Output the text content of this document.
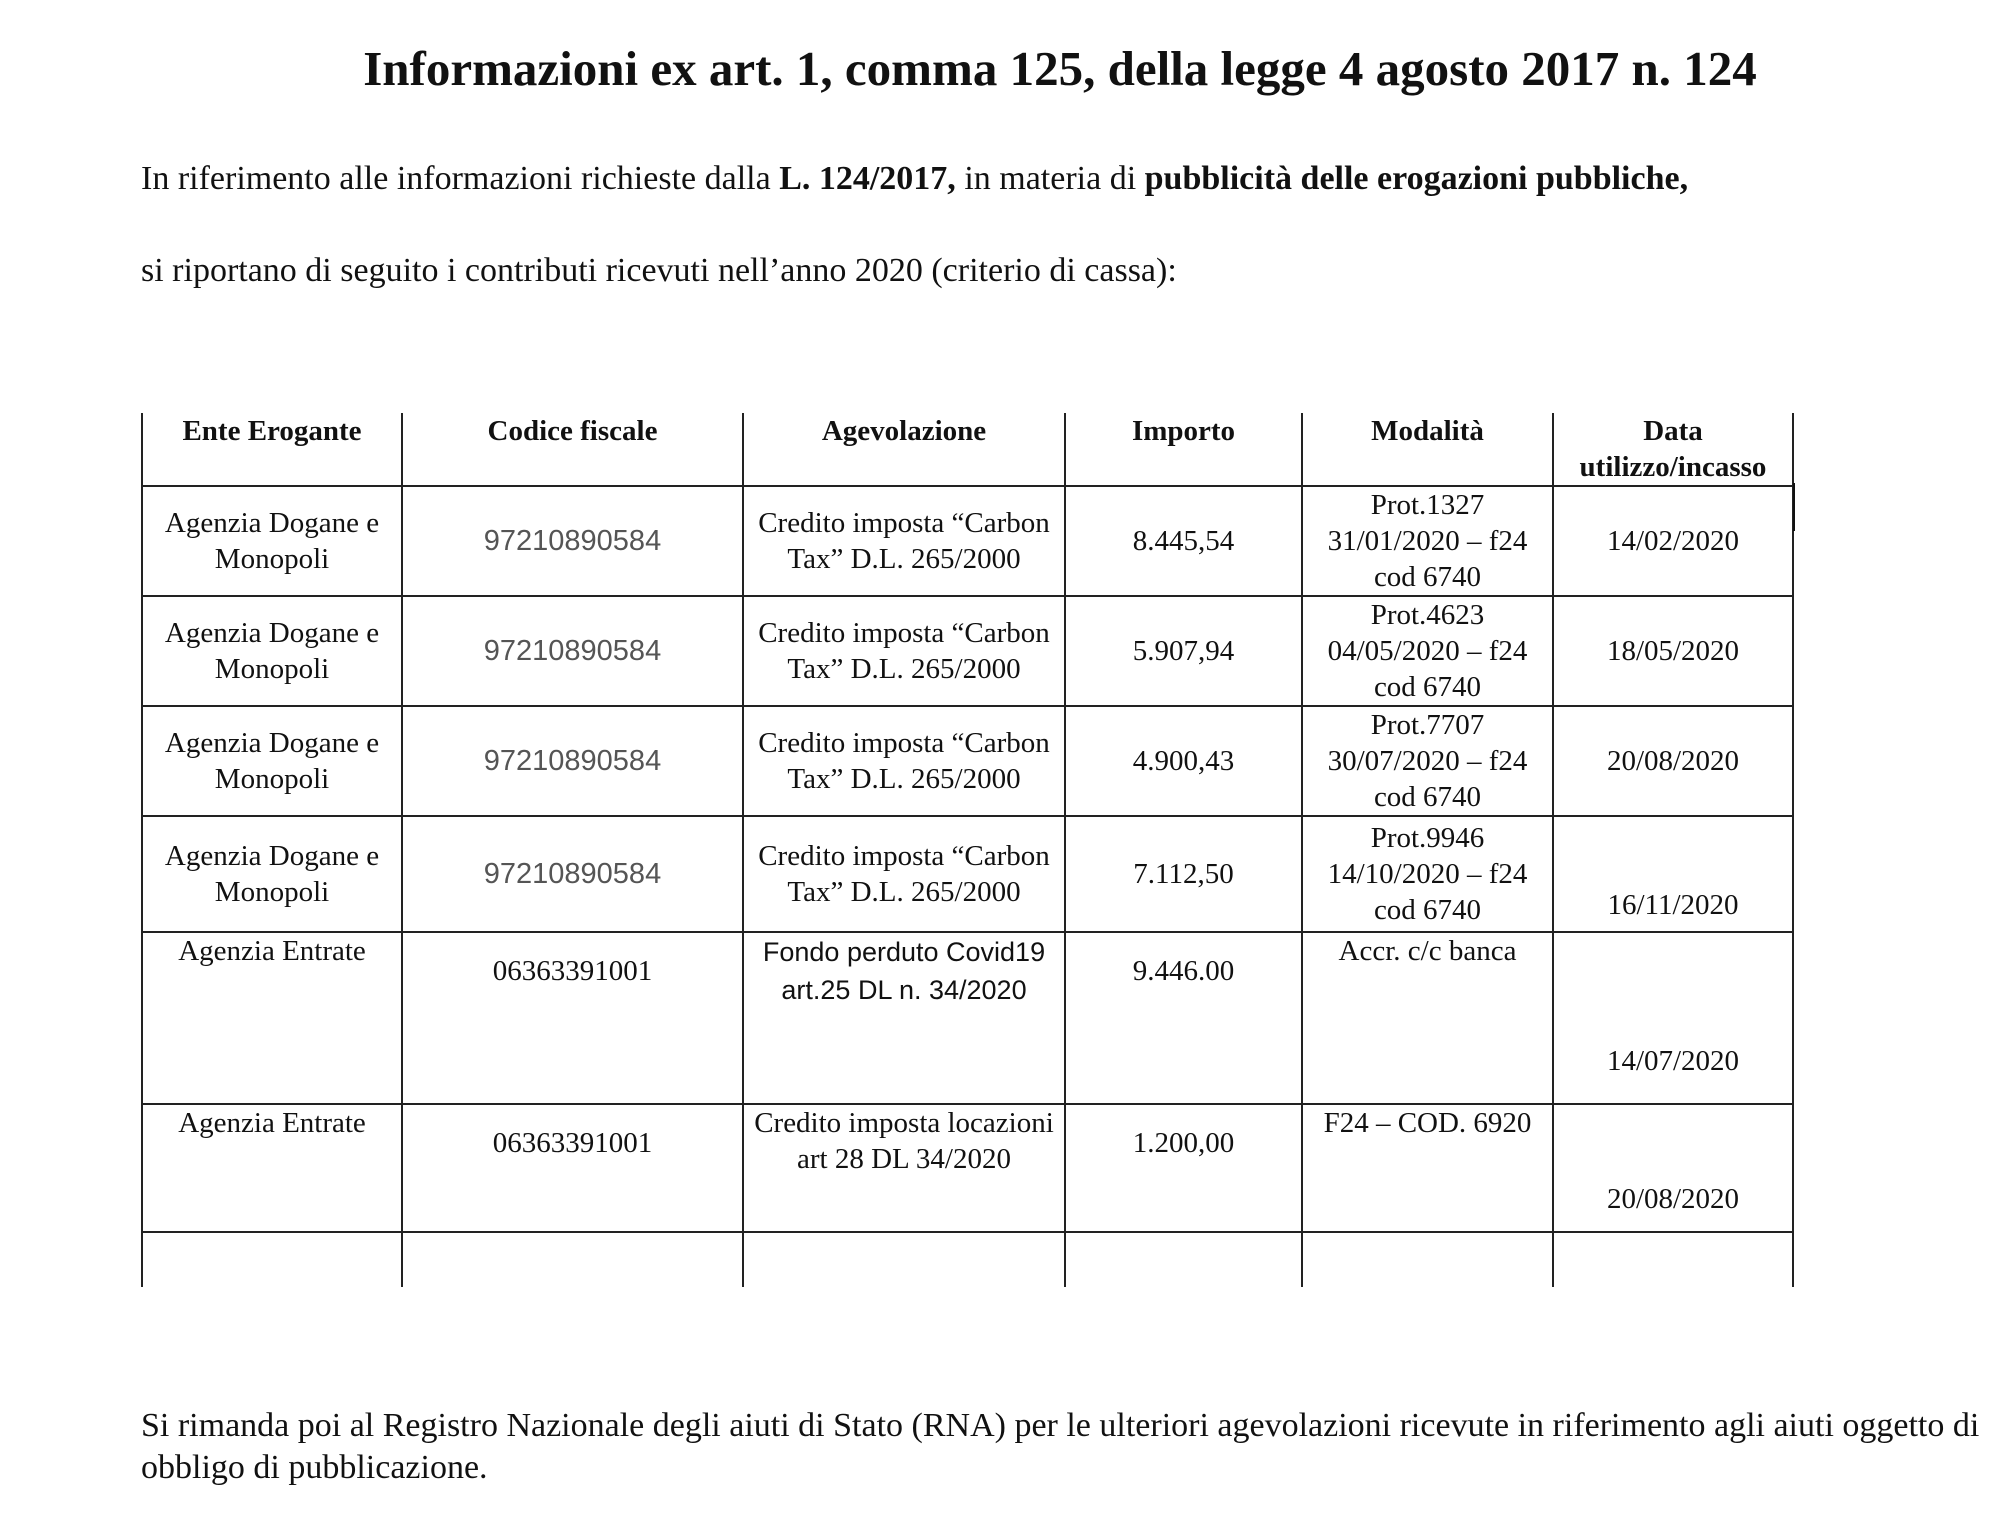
Informazioni ex art. 1, comma 125, della legge 4 agosto 2017 n. 124

In riferimento alle informazioni richieste dalla L. 124/2017, in materia di pubblicità delle erogazioni pubbliche,

si riportano di seguito i contributi ricevuti nell’anno 2020 (criterio di cassa):

Ente Erogante	Codice fiscale	Agevolazione	Importo	Modalità	Data utilizzo/incasso
Agenzia Dogane e Monopoli	97210890584	Credito imposta “Carbon Tax” D.L. 265/2000	8.445,54	Prot.1327 31/01/2020 – f24 cod 6740	14/02/2020
Agenzia Dogane e Monopoli	97210890584	Credito imposta “Carbon Tax” D.L. 265/2000	5.907,94	Prot.4623 04/05/2020 – f24 cod 6740	18/05/2020
Agenzia Dogane e Monopoli	97210890584	Credito imposta “Carbon Tax” D.L. 265/2000	4.900,43	Prot.7707 30/07/2020 – f24 cod 6740	20/08/2020
Agenzia Dogane e Monopoli	97210890584	Credito imposta “Carbon Tax” D.L. 265/2000	7.112,50	Prot.9946 14/10/2020 – f24 cod 6740	16/11/2020
Agenzia Entrate	06363391001	Fondo perduto Covid19 art.25 DL n. 34/2020	9.446.00	Accr. c/c banca	14/07/2020
Agenzia Entrate	06363391001	Credito imposta locazioni art 28 DL 34/2020	1.200,00	F24 – COD. 6920	20/08/2020

Si rimanda poi al Registro Nazionale degli aiuti di Stato (RNA) per le ulteriori agevolazioni ricevute in riferimento agli aiuti oggetto di obbligo di pubblicazione.
